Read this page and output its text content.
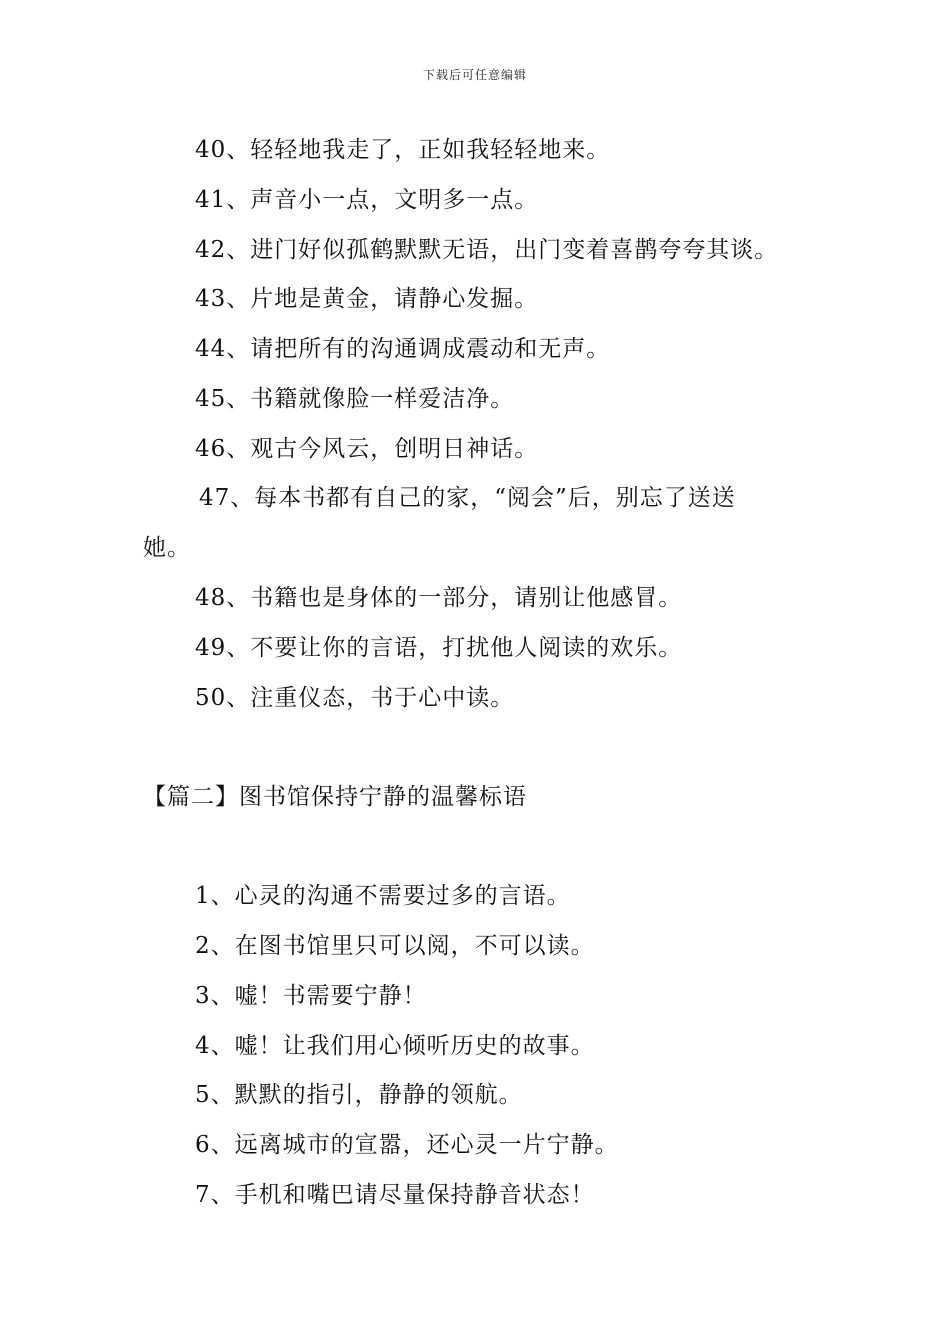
下载后可任意编辑
40、轻轻地我走了，正如我轻轻地来。
41、声音小一点，文明多一点。
42、进门好似孤鹤默默无语，出门变着喜鹊夸夸其谈。
43、片地是黄金，请静心发掘。
44、请把所有的沟通调成震动和无声。
45、书籍就像脸一样爱洁净。
46、观古今风云，创明日神话。
47、每本书都有自己的家，“阅会”后，别忘了送送
她。
48、书籍也是身体的一部分，请别让他感冒。
49、不要让你的言语，打扰他人阅读的欢乐。
50、注重仪态，书于心中读。
【篇二】图书馆保持宁静的温馨标语
1、心灵的沟通不需要过多的言语。
2、在图书馆里只可以阅，不可以读。
3、嘘！书需要宁静！
4、嘘！让我们用心倾听历史的故事。
5、默默的指引，静静的领航。
6、远离城市的宣嚣，还心灵一片宁静。
7、手机和嘴巴请尽量保持静音状态！
